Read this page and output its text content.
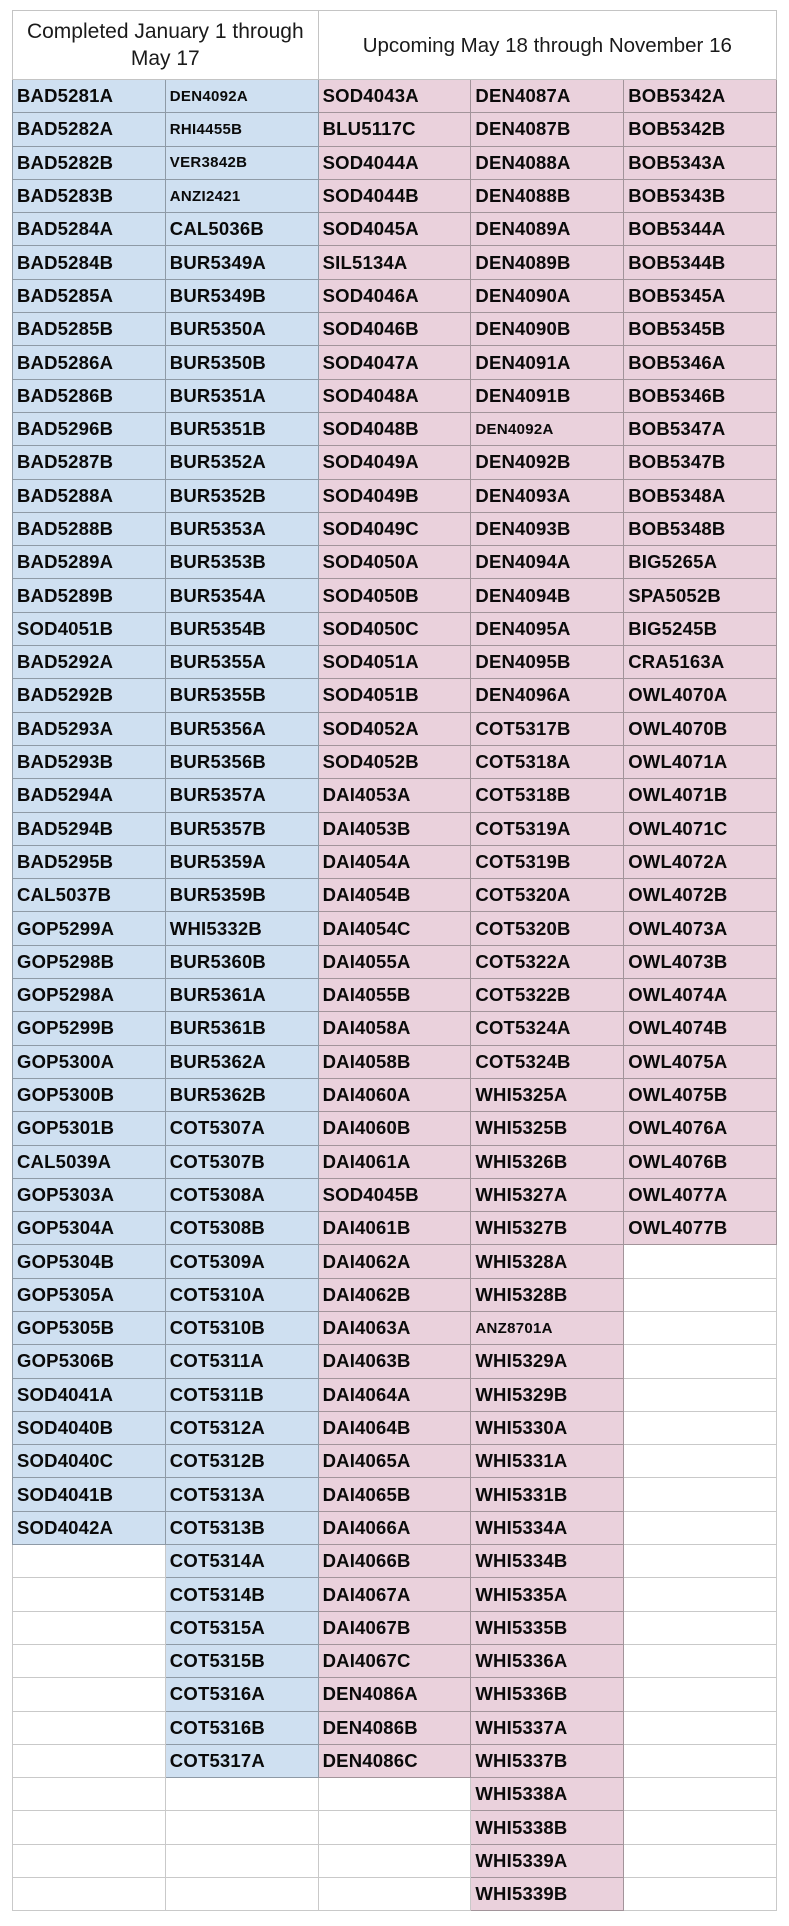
Completed January 1 through May 17		Upcoming May 18 through November 16		
BAD5281A	DEN4092A	SOD4043A	DEN4087A	BOB5342A
BAD5282A	RHI4455B	BLU5117C	DEN4087B	BOB5342B
BAD5282B	VER3842B	SOD4044A	DEN4088A	BOB5343A
BAD5283B	ANZI2421	SOD4044B	DEN4088B	BOB5343B
BAD5284A	CAL5036B	SOD4045A	DEN4089A	BOB5344A
BAD5284B	BUR5349A	SIL5134A	DEN4089B	BOB5344B
BAD5285A	BUR5349B	SOD4046A	DEN4090A	BOB5345A
BAD5285B	BUR5350A	SOD4046B	DEN4090B	BOB5345B
BAD5286A	BUR5350B	SOD4047A	DEN4091A	BOB5346A
BAD5286B	BUR5351A	SOD4048A	DEN4091B	BOB5346B
BAD5296B	BUR5351B	SOD4048B	DEN4092A	BOB5347A
BAD5287B	BUR5352A	SOD4049A	DEN4092B	BOB5347B
BAD5288A	BUR5352B	SOD4049B	DEN4093A	BOB5348A
BAD5288B	BUR5353A	SOD4049C	DEN4093B	BOB5348B
BAD5289A	BUR5353B	SOD4050A	DEN4094A	BIG5265A
BAD5289B	BUR5354A	SOD4050B	DEN4094B	SPA5052B
SOD4051B	BUR5354B	SOD4050C	DEN4095A	BIG5245B
BAD5292A	BUR5355A	SOD4051A	DEN4095B	CRA5163A
BAD5292B	BUR5355B	SOD4051B	DEN4096A	OWL4070A
BAD5293A	BUR5356A	SOD4052A	COT5317B	OWL4070B
BAD5293B	BUR5356B	SOD4052B	COT5318A	OWL4071A
BAD5294A	BUR5357A	DAI4053A	COT5318B	OWL4071B
BAD5294B	BUR5357B	DAI4053B	COT5319A	OWL4071C
BAD5295B	BUR5359A	DAI4054A	COT5319B	OWL4072A
CAL5037B	BUR5359B	DAI4054B	COT5320A	OWL4072B
GOP5299A	WHI5332B	DAI4054C	COT5320B	OWL4073A
GOP5298B	BUR5360B	DAI4055A	COT5322A	OWL4073B
GOP5298A	BUR5361A	DAI4055B	COT5322B	OWL4074A
GOP5299B	BUR5361B	DAI4058A	COT5324A	OWL4074B
GOP5300A	BUR5362A	DAI4058B	COT5324B	OWL4075A
GOP5300B	BUR5362B	DAI4060A	WHI5325A	OWL4075B
GOP5301B	COT5307A	DAI4060B	WHI5325B	OWL4076A
CAL5039A	COT5307B	DAI4061A	WHI5326B	OWL4076B
GOP5303A	COT5308A	SOD4045B	WHI5327A	OWL4077A
GOP5304A	COT5308B	DAI4061B	WHI5327B	OWL4077B
GOP5304B	COT5309A	DAI4062A	WHI5328A	
GOP5305A	COT5310A	DAI4062B	WHI5328B	
GOP5305B	COT5310B	DAI4063A	ANZ8701A	
GOP5306B	COT5311A	DAI4063B	WHI5329A	
SOD4041A	COT5311B	DAI4064A	WHI5329B	
SOD4040B	COT5312A	DAI4064B	WHI5330A	
SOD4040C	COT5312B	DAI4065A	WHI5331A	
SOD4041B	COT5313A	DAI4065B	WHI5331B	
SOD4042A	COT5313B	DAI4066A	WHI5334A	
	COT5314A	DAI4066B	WHI5334B	
	COT5314B	DAI4067A	WHI5335A	
	COT5315A	DAI4067B	WHI5335B	
	COT5315B	DAI4067C	WHI5336A	
	COT5316A	DEN4086A	WHI5336B	
	COT5316B	DEN4086B	WHI5337A	
	COT5317A	DEN4086C	WHI5337B	
			WHI5338A	
			WHI5338B	
			WHI5339A	
			WHI5339B	
